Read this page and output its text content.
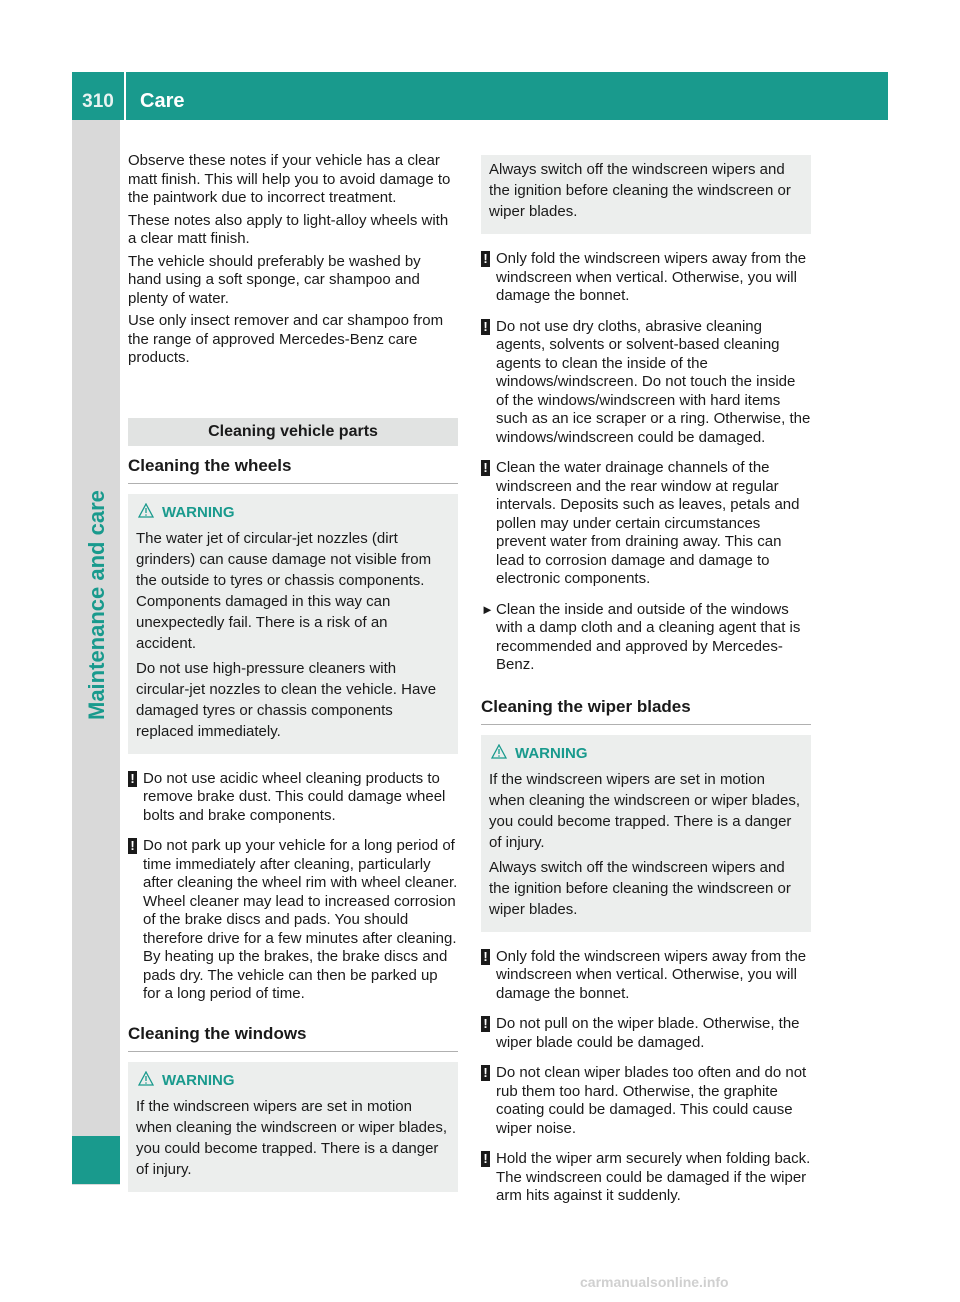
310	Care
Maintenance and care

Observe these notes if your vehicle has a clear matt finish. This will help you to avoid damage to the paintwork due to incorrect treatment.

These notes also apply to light-alloy wheels with a clear matt finish.

The vehicle should preferably be washed by hand using a soft sponge, car shampoo and plenty of water.

Use only insect remover and car shampoo from the range of approved Mercedes-Benz care products.

Cleaning vehicle parts
Cleaning the wheels
WARNING

The water jet of circular-jet nozzles (dirt grinders) can cause damage not visible from the outside to tyres or chassis components. Components damaged in this way can unexpectedly fail. There is a risk of an accident.

Do not use high-pressure cleaners with circular-jet nozzles to clean the vehicle. Have damaged tyres or chassis components replaced immediately.

! Do not use acidic wheel cleaning products to remove brake dust. This could damage wheel bolts and brake components.

! Do not park up your vehicle for a long period of time immediately after cleaning, particularly after cleaning the wheel rim with wheel cleaner. Wheel cleaner may lead to increased corrosion of the brake discs and pads. You should therefore drive for a few minutes after cleaning. By heating up the brakes, the brake discs and pads dry. The vehicle can then be parked up for a long period of time.

Cleaning the windows
WARNING

If the windscreen wipers are set in motion when cleaning the windscreen or wiper blades, you could become trapped. There is a danger of injury.

Always switch off the windscreen wipers and the ignition before cleaning the windscreen or wiper blades.

! Only fold the windscreen wipers away from the windscreen when vertical. Otherwise, you will damage the bonnet.

! Do not use dry cloths, abrasive cleaning agents, solvents or solvent-based cleaning agents to clean the inside of the windows/windscreen. Do not touch the inside of the windows/windscreen with hard items such as an ice scraper or a ring. Otherwise, the windows/windscreen could be damaged.

! Clean the water drainage channels of the windscreen and the rear window at regular intervals. Deposits such as leaves, petals and pollen may under certain circumstances prevent water from draining away. This can lead to corrosion damage and damage to electronic components.

► Clean the inside and outside of the windows with a damp cloth and a cleaning agent that is recommended and approved by Mercedes-Benz.

Cleaning the wiper blades
WARNING

If the windscreen wipers are set in motion when cleaning the windscreen or wiper blades, you could become trapped. There is a danger of injury.

Always switch off the windscreen wipers and the ignition before cleaning the windscreen or wiper blades.

! Only fold the windscreen wipers away from the windscreen when vertical. Otherwise, you will damage the bonnet.

! Do not pull on the wiper blade. Otherwise, the wiper blade could be damaged.

! Do not clean wiper blades too often and do not rub them too hard. Otherwise, the graphite coating could be damaged. This could cause wiper noise.

! Hold the wiper arm securely when folding back. The windscreen could be damaged if the wiper arm hits against it suddenly.

carmanualsonline.info
